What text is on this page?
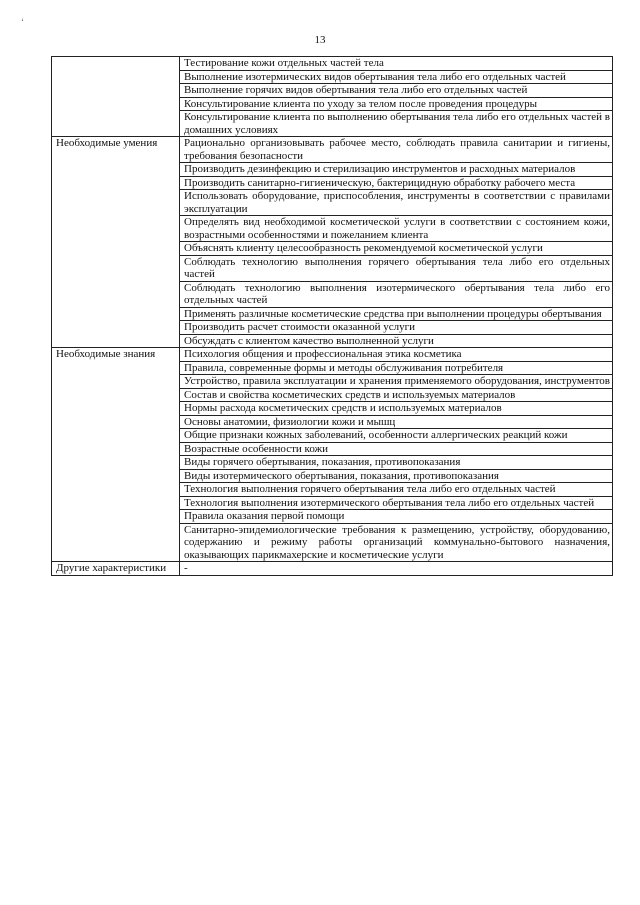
‘
13
	Тестирование кожи отдельных частей тела
	Выполнение изотермических видов обертывания тела либо его отдельных частей
	Выполнение горячих видов обертывания тела либо его отдельных частей
	Консультирование клиента по уходу за телом после проведения процедуры
	Консультирование клиента по выполнению обертывания тела либо его отдельных частей в домашних условиях
Необходимые умения	Рационально организовывать рабочее место, соблюдать правила санитарии и гигиены, требования безопасности
	Производить дезинфекцию и стерилизацию инструментов и расходных материалов
	Производить санитарно-гигиеническую, бактерицидную обработку рабочего места
	Использовать оборудование, приспособления, инструменты в соответствии с правилами эксплуатации
	Определять вид необходимой косметической услуги в соответствии с состоянием кожи, возрастными особенностями и пожеланием клиента
	Объяснять клиенту целесообразность рекомендуемой косметической услуги
	Соблюдать технологию выполнения горячего обертывания тела либо его отдельных частей
	Соблюдать технологию выполнения изотермического обертывания тела либо его отдельных частей
	Применять различные косметические средства при выполнении процедуры обертывания
	Производить расчет стоимости оказанной услуги
	Обсуждать с клиентом качество выполненной услуги
Необходимые знания	Психология общения и профессиональная этика косметика
	Правила, современные формы и методы обслуживания потребителя
	Устройство, правила эксплуатации и хранения применяемого оборудования, инструментов
	Состав и свойства косметических средств и используемых материалов
	Нормы расхода косметических средств и используемых материалов
	Основы анатомии, физиологии кожи и мышц
	Общие признаки кожных заболеваний, особенности аллергических реакций кожи
	Возрастные особенности кожи
	Виды горячего обертывания, показания, противопоказания
	Виды изотермического обертывания, показания, противопоказания
	Технология выполнения горячего обертывания тела либо его отдельных частей
	Технология выполнения изотермического обертывания тела либо его отдельных частей
	Правила оказания первой помощи
	Санитарно-эпидемиологические требования к размещению, устройству, оборудованию, содержанию и режиму работы организаций коммунально-бытового назначения, оказывающих парикмахерские и косметические услуги
Другие характеристики	-
